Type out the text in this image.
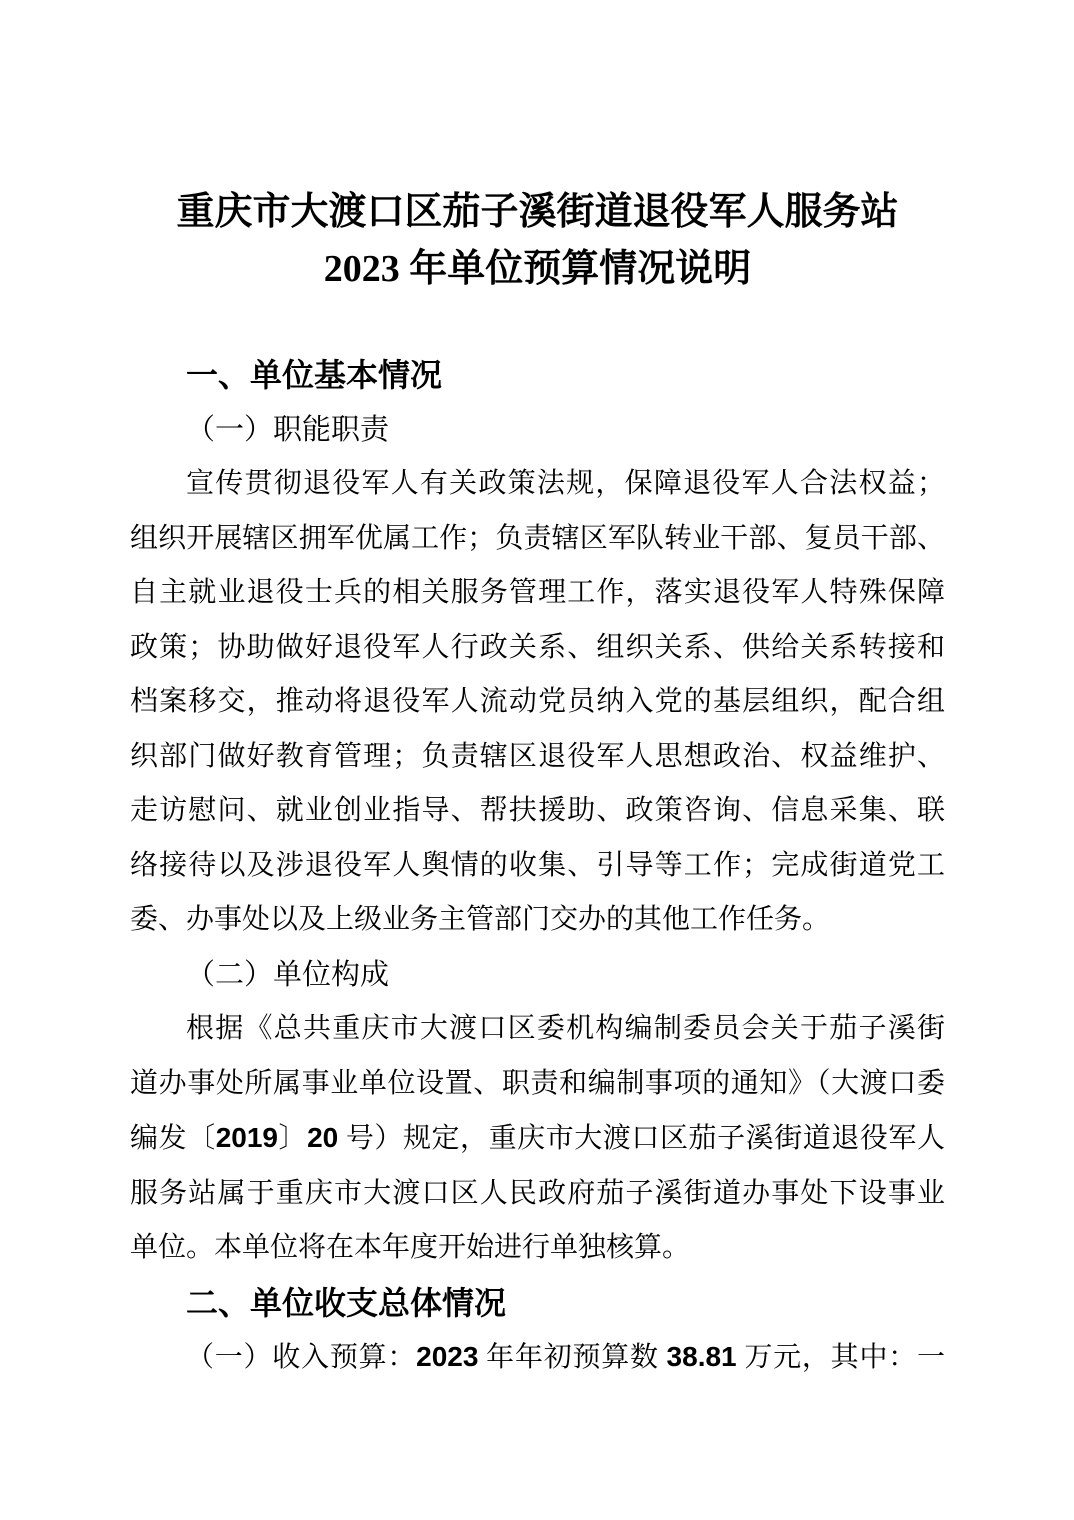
重庆市大渡口区茄子溪街道退役军人服务站
2023 年单位预算情况说明
一、单位基本情况
（一）职能职责
宣传贯彻退役军人有关政策法规，保障退役军人合法权益；
组织开展辖区拥军优属工作；负责辖区军队转业干部、复员干部、
自主就业退役士兵的相关服务管理工作，落实退役军人特殊保障
政策；协助做好退役军人行政关系、组织关系、供给关系转接和
档案移交，推动将退役军人流动党员纳入党的基层组织，配合组
织部门做好教育管理；负责辖区退役军人思想政治、权益维护、
走访慰问、就业创业指导、帮扶援助、政策咨询、信息采集、联
络接待以及涉退役军人舆情的收集、引导等工作；完成街道党工
委、办事处以及上级业务主管部门交办的其他工作任务。
（二）单位构成
根据《总共重庆市大渡口区委机构编制委员会关于茄子溪街
道办事处所属事业单位设置、职责和编制事项的通知》（大渡口委
编发〔2019〕20 号）规定，重庆市大渡口区茄子溪街道退役军人
服务站属于重庆市大渡口区人民政府茄子溪街道办事处下设事业
单位。本单位将在本年度开始进行单独核算。
二、单位收支总体情况
（一）收入预算：2023 年年初预算数 38.81 万元，其中：一
